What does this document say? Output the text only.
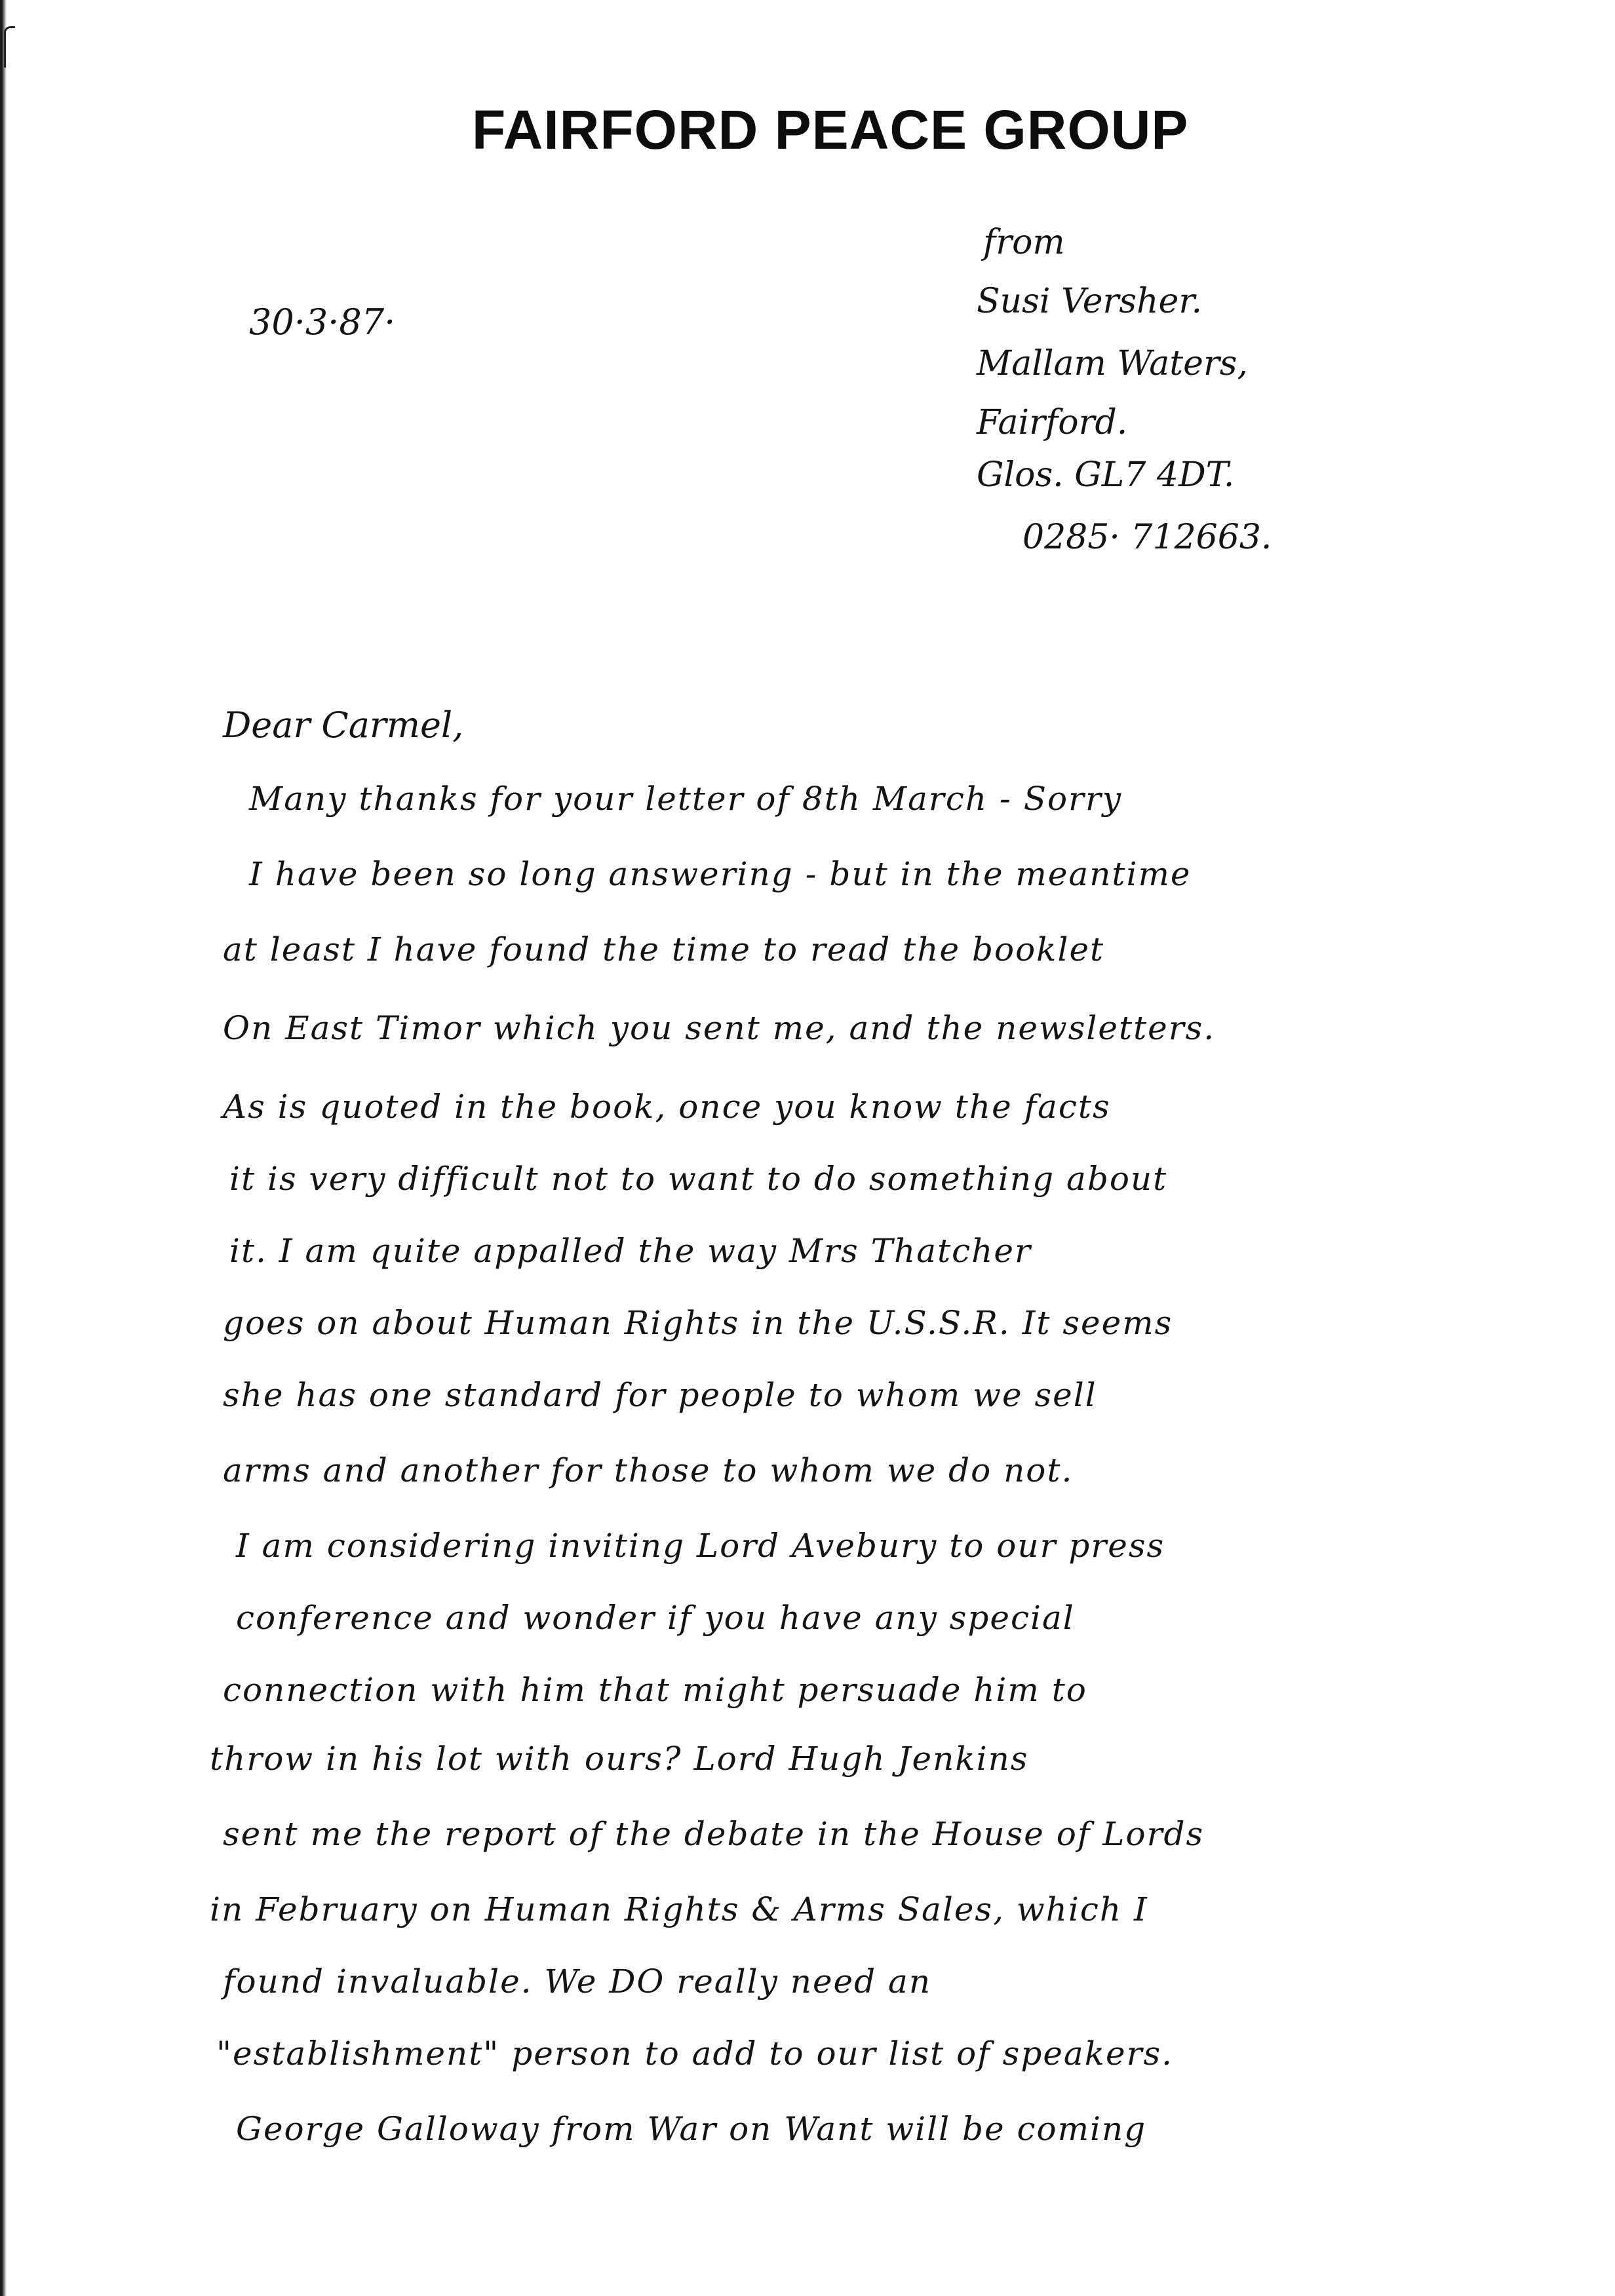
FAIRFORD PEACE GROUP
30·3·87·
from
Susi Versher.
Mallam Waters,
Fairford.
Glos. GL7 4DT.
0285· 712663.
Dear Carmel,
Many thanks for your letter of 8th March - Sorry
I have been so long answering - but in the meantime
at least I have found the time to read the booklet
On East Timor which you sent me, and the newsletters.
As is quoted in the book, once you know the facts
it is very difficult not to want to do something about
it. I am quite appalled the way Mrs Thatcher
goes on about Human Rights in the U.S.S.R. It seems
she has one standard for people to whom we sell
arms and another for those to whom we do not.
I am considering inviting Lord Avebury to our press
conference and wonder if you have any special
connection with him that might persuade him to
throw in his lot with ours? Lord Hugh Jenkins
sent me the report of the debate in the House of Lords
in February on Human Rights & Arms Sales, which I
found invaluable. We DO really need an
"establishment" person to add to our list of speakers.
George Galloway from War on Want will be coming
